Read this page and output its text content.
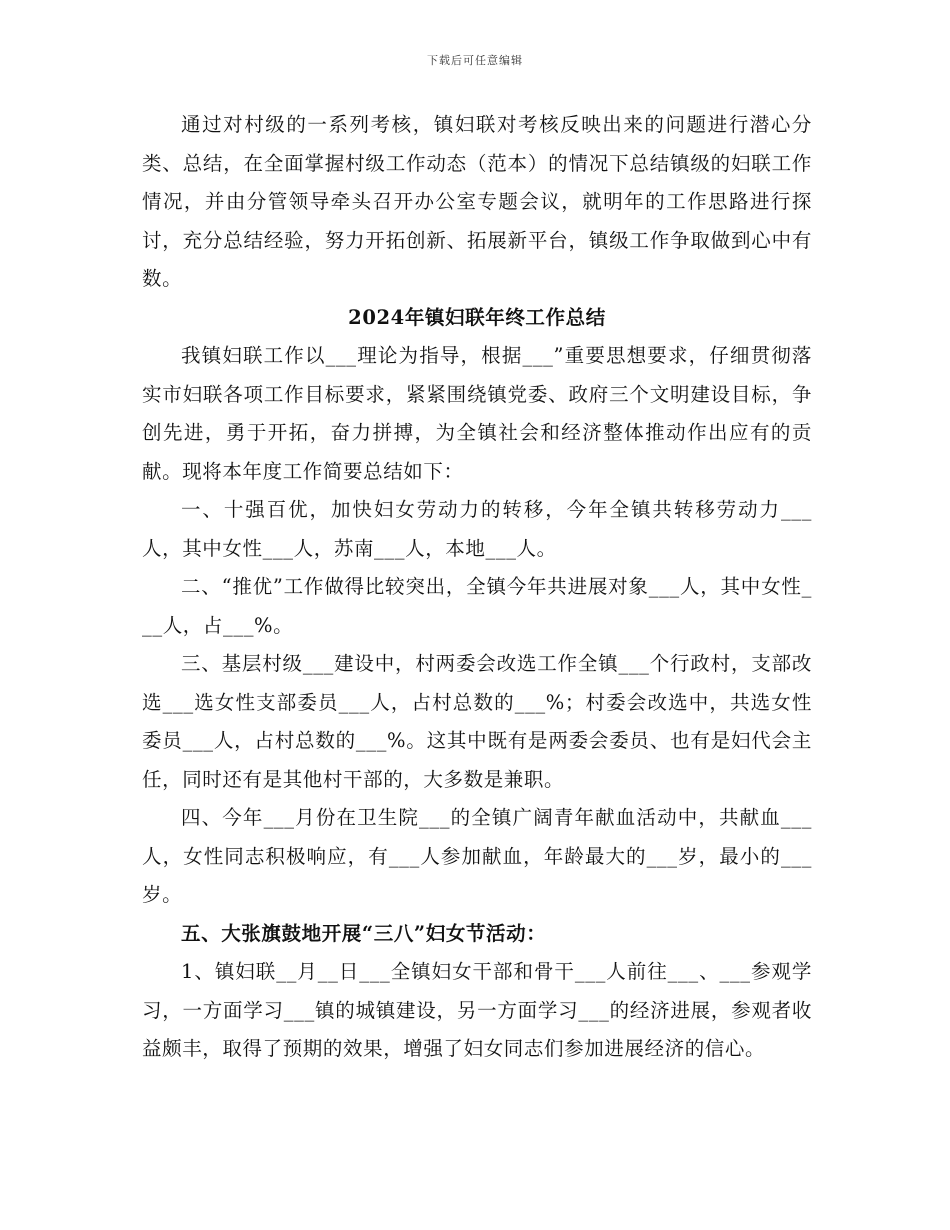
下载后可任意编辑

通过对村级的一系列考核，镇妇联对考核反映出来的问题进行潜心分类、总结，在全面掌握村级工作动态（范本）的情况下总结镇级的妇联工作情况，并由分管领导牵头召开办公室专题会议，就明年的工作思路进行探讨，充分总结经验，努力开拓创新、拓展新平台，镇级工作争取做到心中有数。

2024年镇妇联年终工作总结

我镇妇联工作以___理论为指导，根据___”重要思想要求，仔细贯彻落实市妇联各项工作目标要求，紧紧围绕镇党委、政府三个文明建设目标，争创先进，勇于开拓，奋力拼搏，为全镇社会和经济整体推动作出应有的贡献。现将本年度工作简要总结如下：

一、十强百优，加快妇女劳动力的转移，今年全镇共转移劳动力___人，其中女性___人，苏南___人，本地___人。

二、“推优”工作做得比较突出，全镇今年共进展对象___人，其中女性___人，占___%。

三、基层村级___建设中，村两委会改选工作全镇___个行政村，支部改选___选女性支部委员___人，占村总数的___%；村委会改选中，共选女性委员___人，占村总数的___%。这其中既有是两委会委员、也有是妇代会主任，同时还有是其他村干部的，大多数是兼职。

四、今年___月份在卫生院___的全镇广阔青年献血活动中，共献血___人，女性同志积极响应，有___人参加献血，年龄最大的___岁，最小的___岁。

五、大张旗鼓地开展“三八”妇女节活动：

1、镇妇联__月__日___全镇妇女干部和骨干___人前往___、___参观学习，一方面学习___镇的城镇建设，另一方面学习___的经济进展，参观者收益颇丰，取得了预期的效果，增强了妇女同志们参加进展经济的信心。
